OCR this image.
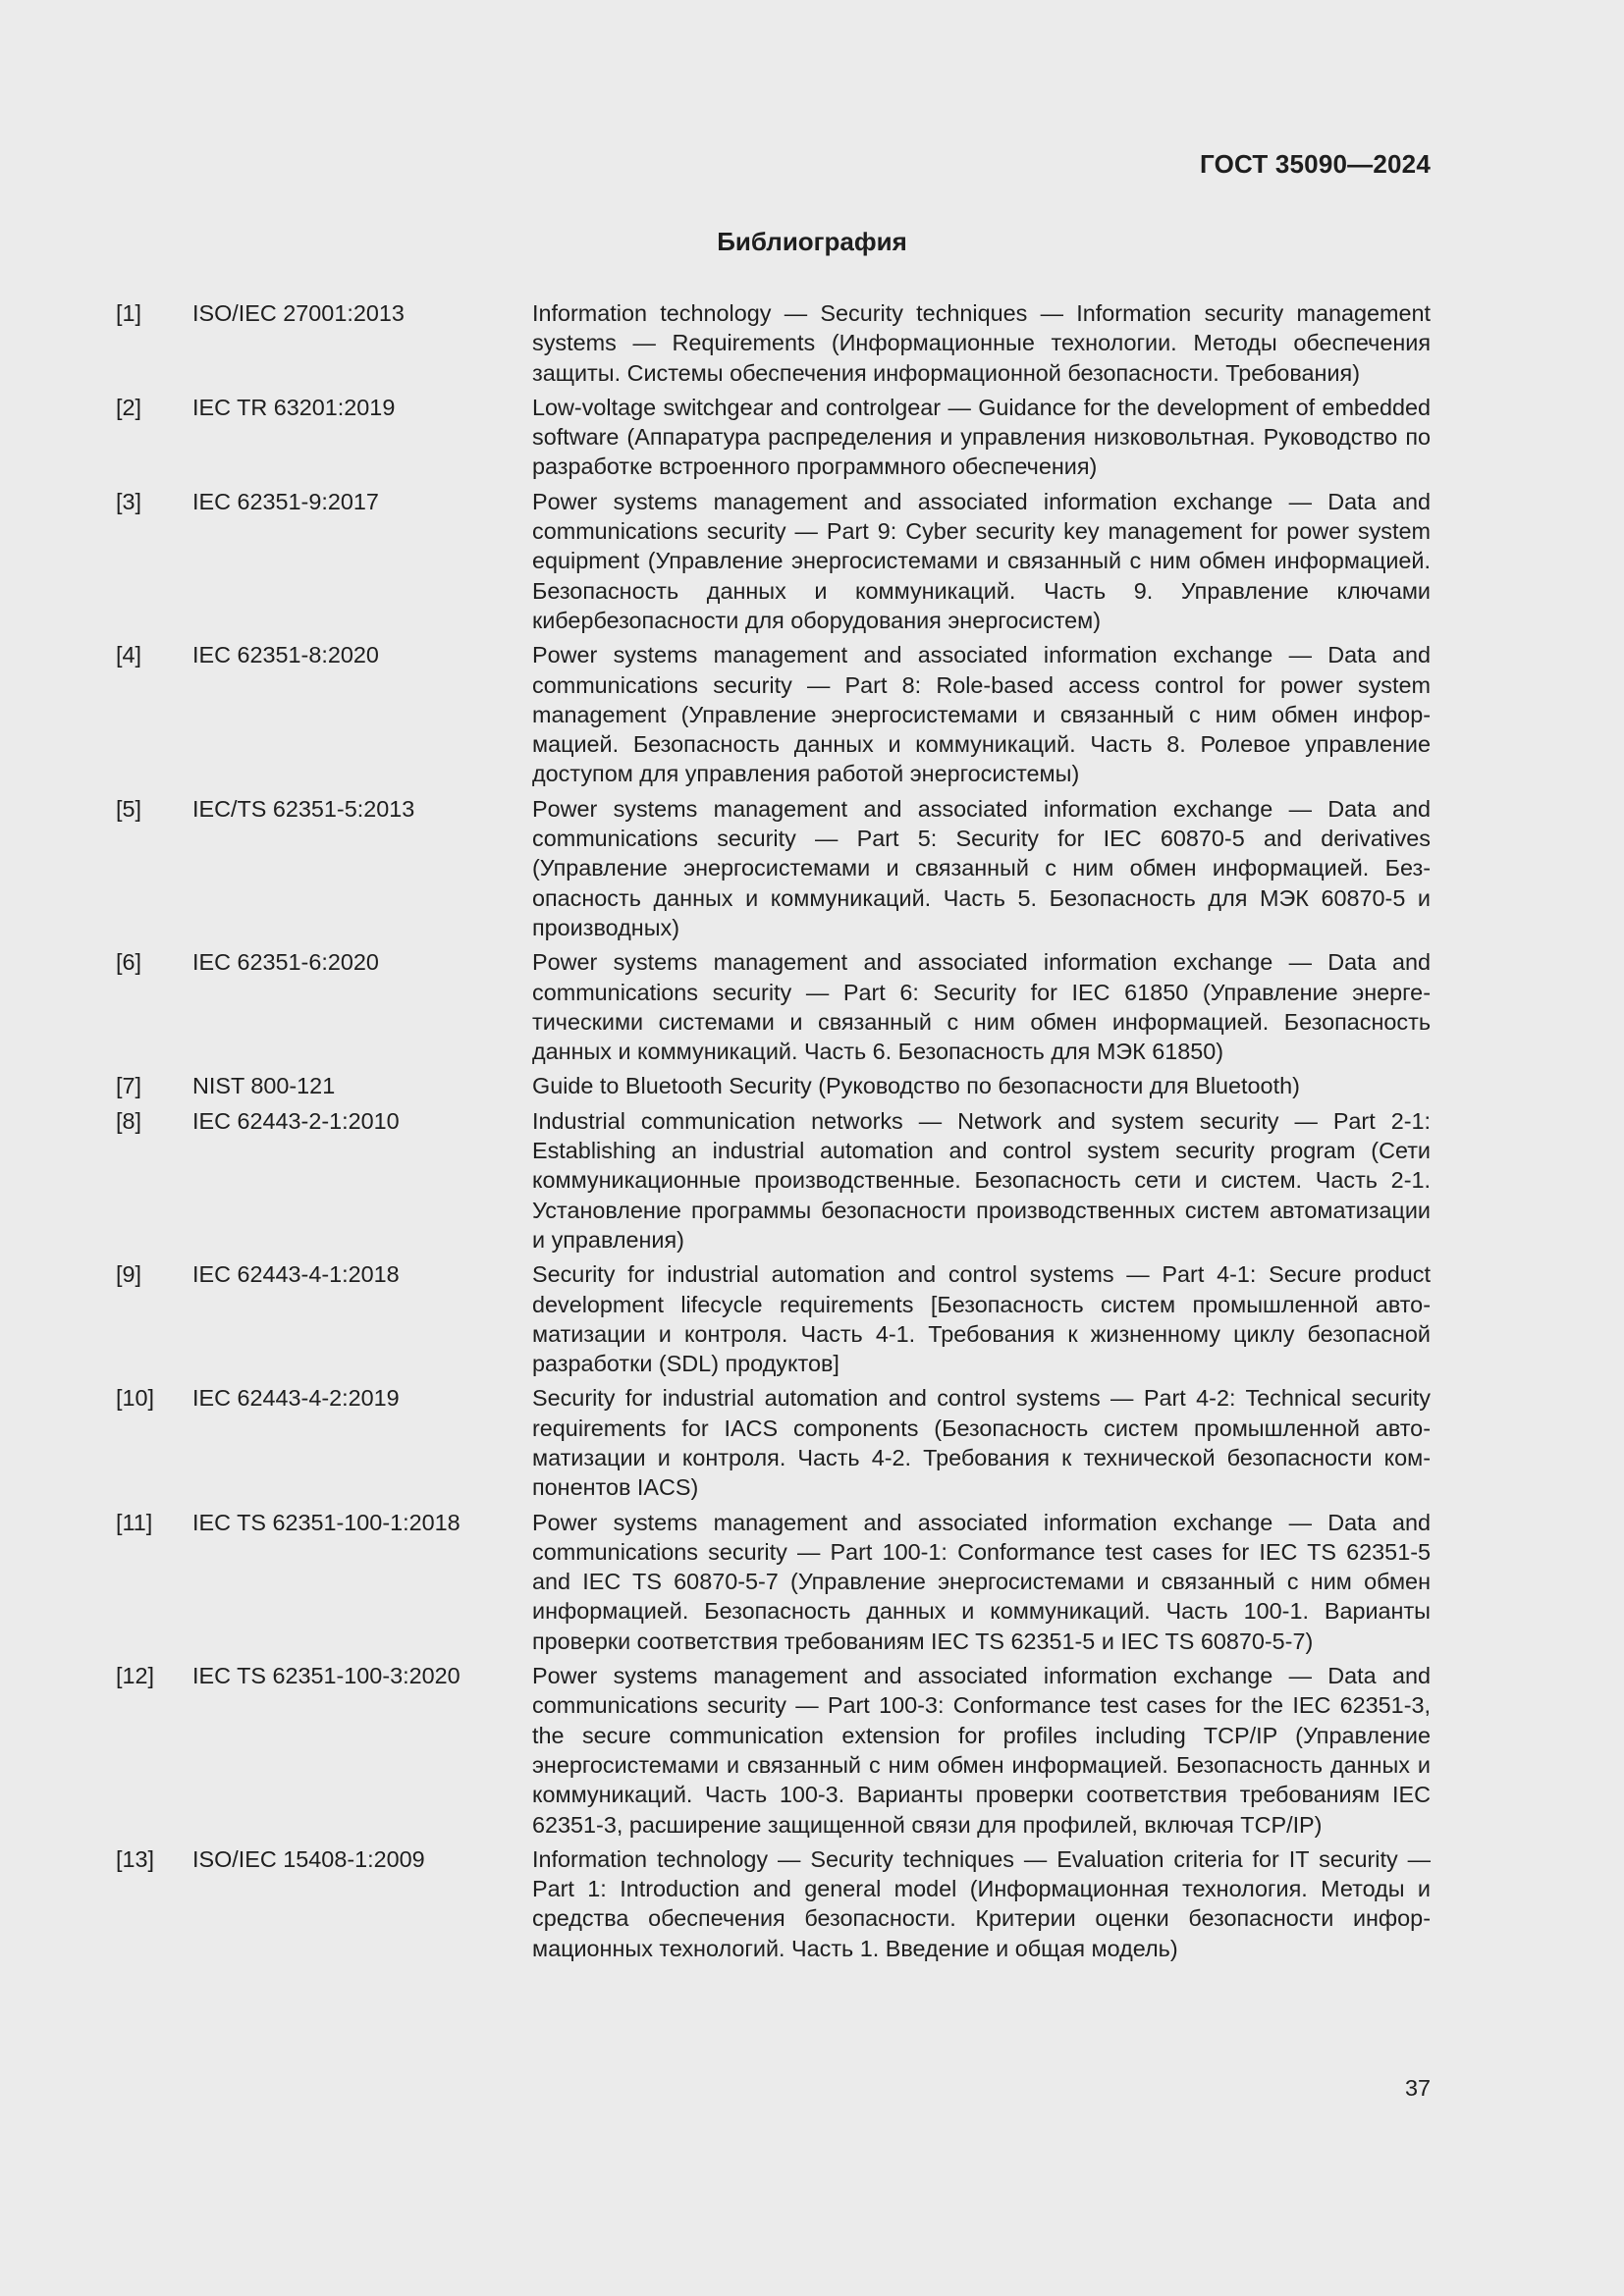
ГОСТ 35090—2024
Библиография
[1]	ISO/IEC 27001:2013	Information technology — Security techniques — Information security management systems — Requirements (Информационные технологии. Методы обеспечения защиты. Системы обеспечения информационной безопасности. Требования)
[2]	IEC TR 63201:2019	Low-voltage switchgear and controlgear — Guidance for the development of embedded software (Аппаратура распределения и управления низковольтная. Руководство по разработке встроенного программного обеспечения)
[3]	IEC 62351-9:2017	Power systems management and associated information exchange — Data and communications security — Part 9: Cyber security key management for power system equipment (Управление энергосистемами и связанный с ним обмен информацией. Безопасность данных и коммуникаций. Часть 9. Управление ключами кибербезопасности для оборудования энергосистем)
[4]	IEC 62351-8:2020	Power systems management and associated information exchange — Data and communications security — Part 8: Role-based access control for power system management (Управление энергосистемами и связанный с ним обмен информацией. Безопасность данных и коммуникаций. Часть 8. Ролевое управление доступом для управления работой энергосистемы)
[5]	IEC/TS 62351-5:2013	Power systems management and associated information exchange — Data and communications security — Part 5: Security for IEC 60870-5 and derivatives (Управление энергосистемами и связанный с ним обмен информацией. Безопасность данных и коммуникаций. Часть 5. Безопасность для МЭК 60870-5 и производных)
[6]	IEC 62351-6:2020	Power systems management and associated information exchange — Data and communications security — Part 6: Security for IEC 61850 (Управление энергетическими системами и связанный с ним обмен информацией. Безопасность данных и коммуникаций. Часть 6. Безопасность для МЭК 61850)
[7]	NIST 800-121	Guide to Bluetooth Security (Руководство по безопасности для Bluetooth)
[8]	IEC 62443-2-1:2010	Industrial communication networks — Network and system security — Part 2-1: Establishing an industrial automation and control system security program (Сети коммуникационные производственные. Безопасность сети и систем. Часть 2-1. Установление программы безопасности производственных систем автоматизации и управления)
[9]	IEC 62443-4-1:2018	Security for industrial automation and control systems — Part 4-1: Secure product development lifecycle requirements [Безопасность систем промышленной автоматизации и контроля. Часть 4-1. Требования к жизненному циклу безопасной разработки (SDL) продуктов]
[10]	IEC 62443-4-2:2019	Security for industrial automation and control systems — Part 4-2: Technical security requirements for IACS components (Безопасность систем промышленной автоматизации и контроля. Часть 4-2. Требования к технической безопасности компонентов IACS)
[11]	IEC TS 62351-100-1:2018	Power systems management and associated information exchange — Data and communications security — Part 100-1: Conformance test cases for IEC TS 62351-5 and IEC TS 60870-5-7 (Управление энергосистемами и связанный с ним обмен информацией. Безопасность данных и коммуникаций. Часть 100-1. Варианты проверки соответствия требованиям IEC TS 62351-5 и IEC TS 60870-5-7)
[12]	IEC TS 62351-100-3:2020	Power systems management and associated information exchange — Data and communications security — Part 100-3: Conformance test cases for the IEC 62351-3, the secure communication extension for profiles including TCP/IP (Управление энергосистемами и связанный с ним обмен информацией. Безопасность данных и коммуникаций. Часть 100-3. Варианты проверки соответствия требованиям IEC 62351-3, расширение защищенной связи для профилей, включая TCP/IP)
[13]	ISO/IEC 15408-1:2009	Information technology — Security techniques — Evaluation criteria for IT security — Part 1: Introduction and general model (Информационная технология. Методы и средства обеспечения безопасности. Критерии оценки безопасности информационных технологий. Часть 1. Введение и общая модель)
37
